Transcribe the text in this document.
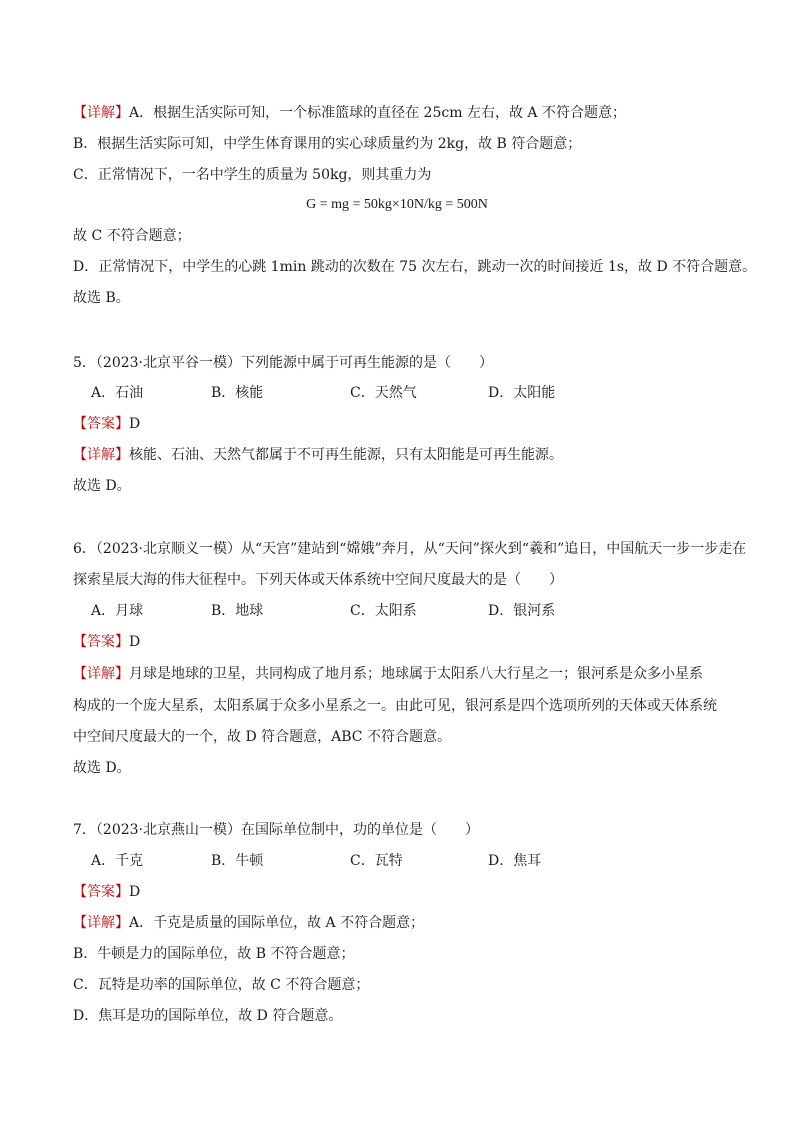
【详解】A．根据生活实际可知，一个标准篮球的直径在 25cm 左右，故 A 不符合题意；
B．根据生活实际可知，中学生体育课用的实心球质量约为 2kg，故 B 符合题意；
C．正常情况下，一名中学生的质量为 50kg，则其重力为
G = mg = 50kg×10N/kg = 500N
故 C 不符合题意；
D．正常情况下，中学生的心跳 1min 跳动的次数在 75 次左右，跳动一次的时间接近 1s，故 D 不符合题意。
故选 B。
5．（2023·北京平谷一模）下列能源中属于可再生能源的是（　　）
A．石油	B．核能	C．天然气	D．太阳能
【答案】D
【详解】核能、石油、天然气都属于不可再生能源，只有太阳能是可再生能源。
故选 D。
6．（2023·北京顺义一模）从“天宫”建站到“嫦娥”奔月，从“天问”探火到“羲和”追日，中国航天一步一步走在
探索星辰大海的伟大征程中。下列天体或天体系统中空间尺度最大的是（　　）
A．月球	B．地球	C．太阳系	D．银河系
【答案】D
【详解】月球是地球的卫星，共同构成了地月系；地球属于太阳系八大行星之一；银河系是众多小星系
构成的一个庞大星系，太阳系属于众多小星系之一。由此可见，银河系是四个选项所列的天体或天体系统
中空间尺度最大的一个，故 D 符合题意，ABC 不符合题意。
故选 D。
7．（2023·北京燕山一模）在国际单位制中，功的单位是（　　）
A．千克	B．牛顿	C．瓦特	D．焦耳
【答案】D
【详解】A．千克是质量的国际单位，故 A 不符合题意；
B．牛顿是力的国际单位，故 B 不符合题意；
C．瓦特是功率的国际单位，故 C 不符合题意；
D．焦耳是功的国际单位，故 D 符合题意。
